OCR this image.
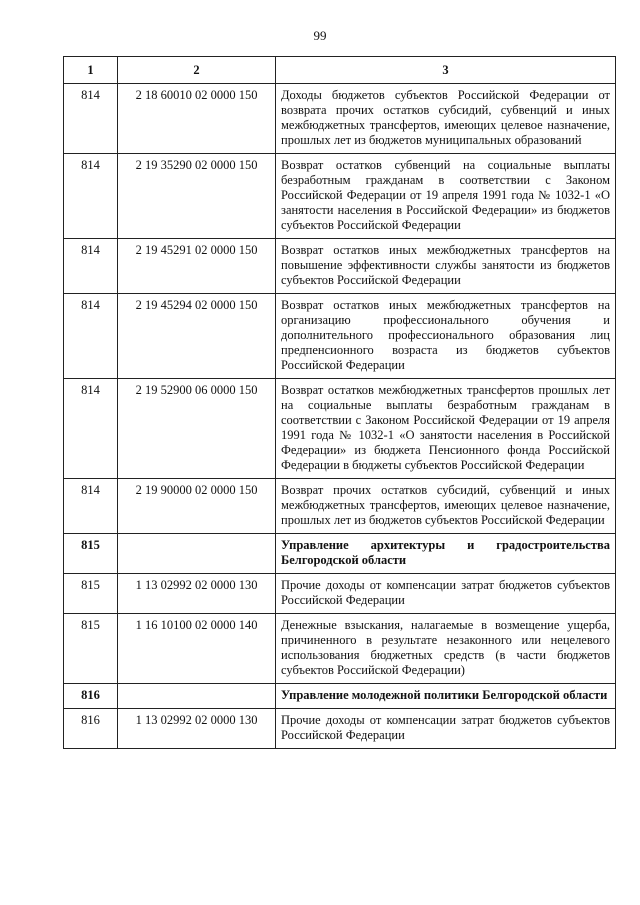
99
1	2	3
814	2 18 60010 02 0000 150	Доходы бюджетов субъектов Российской Федерации от возврата прочих остатков субсидий, субвенций и иных межбюджетных трансфертов, имеющих целевое назначение, прошлых лет из бюджетов муниципальных образований
814	2 19 35290 02 0000 150	Возврат остатков субвенций на социальные выплаты безработным гражданам в соответствии с Законом Российской Федерации от 19 апреля 1991 года № 1032-1 «О занятости населения в Российской Федерации» из бюджетов субъектов Российской Федерации
814	2 19 45291 02 0000 150	Возврат остатков иных межбюджетных трансфертов на повышение эффективности службы занятости из бюджетов субъектов Российской Федерации
814	2 19 45294 02 0000 150	Возврат остатков иных межбюджетных трансфертов на организацию профессионального обучения и дополнительного профессионального образования лиц предпенсионного возраста из бюджетов субъектов Российской Федерации
814	2 19 52900 06 0000 150	Возврат остатков межбюджетных трансфертов прошлых лет на социальные выплаты безработным гражданам в соответствии с Законом Российской Федерации от 19 апреля 1991 года № 1032-1 «О занятости населения в Российской Федерации» из бюджета Пенсионного фонда Российской Федерации в бюджеты субъектов Российской Федерации
814	2 19 90000 02 0000 150	Возврат прочих остатков субсидий, субвенций и иных межбюджетных трансфертов, имеющих целевое назначение, прошлых лет из бюджетов субъектов Российской Федерации
815		Управление архитектуры и градостроительства Белгородской области
815	1 13 02992 02 0000 130	Прочие доходы от компенсации затрат бюджетов субъектов Российской Федерации
815	1 16 10100 02 0000 140	Денежные взыскания, налагаемые в возмещение ущерба, причиненного в результате незаконного или нецелевого использования бюджетных средств (в части бюджетов субъектов Российской Федерации)
816		Управление молодежной политики Белгородской области
816	1 13 02992 02 0000 130	Прочие доходы от компенсации затрат бюджетов субъектов Российской Федерации
